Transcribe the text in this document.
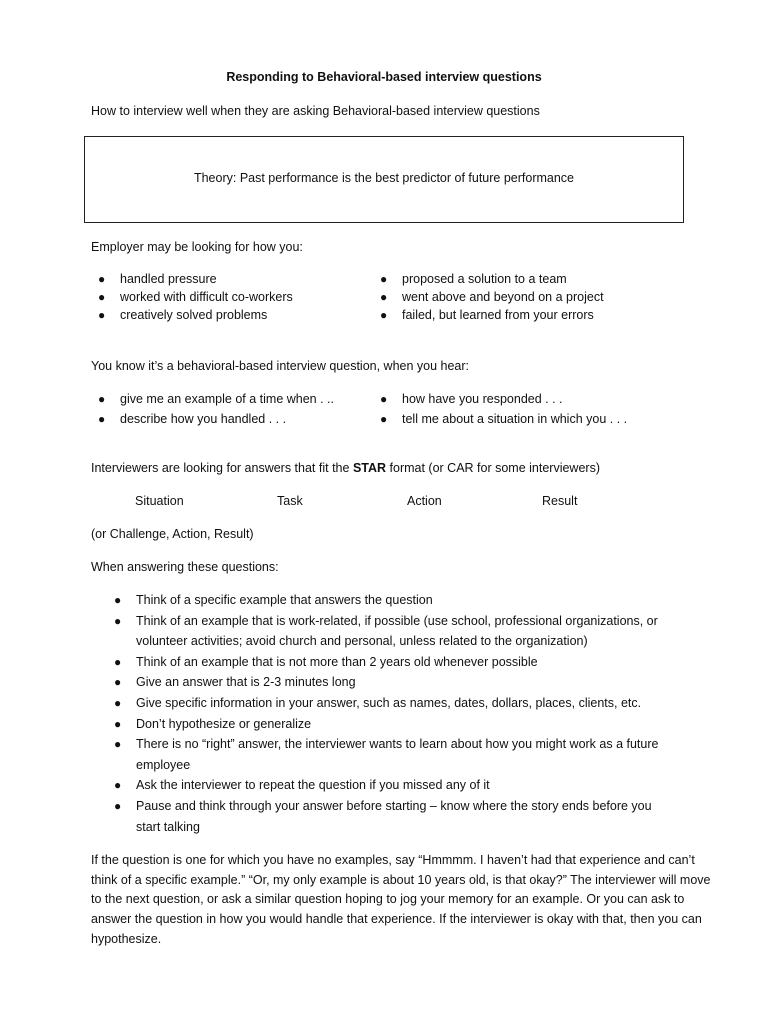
Responding to Behavioral-based interview questions
How to interview well when they are asking Behavioral-based interview questions
Theory: Past performance is the best predictor of future performance
Employer may be looking for how you:
● handled pressure
● worked with difficult co-workers
● creatively solved problems
● proposed a solution to a team
● went above and beyond on a project
● failed, but learned from your errors
You know it’s a behavioral-based interview question, when you hear:
● give me an example of a time when . ..
● describe how you handled . . .
● how have you responded . . .
● tell me about a situation in which you . . .
Interviewers are looking for answers that fit the STAR format (or CAR for some interviewers)
Situation	Task	Action	Result
(or Challenge, Action, Result)
When answering these questions:
● Think of a specific example that answers the question
● Think of an example that is work-related, if possible (use school, professional organizations, or volunteer activities; avoid church and personal, unless related to the organization)
● Think of an example that is not more than 2 years old whenever possible
● Give an answer that is 2-3 minutes long
● Give specific information in your answer, such as names, dates, dollars, places, clients, etc.
● Don’t hypothesize or generalize
● There is no “right” answer, the interviewer wants to learn about how you might work as a future employee
● Ask the interviewer to repeat the question if you missed any of it
● Pause and think through your answer before starting – know where the story ends before you start talking
If the question is one for which you have no examples, say “Hmmmm. I haven’t had that experience and can’t think of a specific example.” “Or, my only example is about 10 years old, is that okay?” The interviewer will move to the next question, or ask a similar question hoping to jog your memory for an example. Or you can ask to answer the question in how you would handle that experience. If the interviewer is okay with that, then you can hypothesize.
